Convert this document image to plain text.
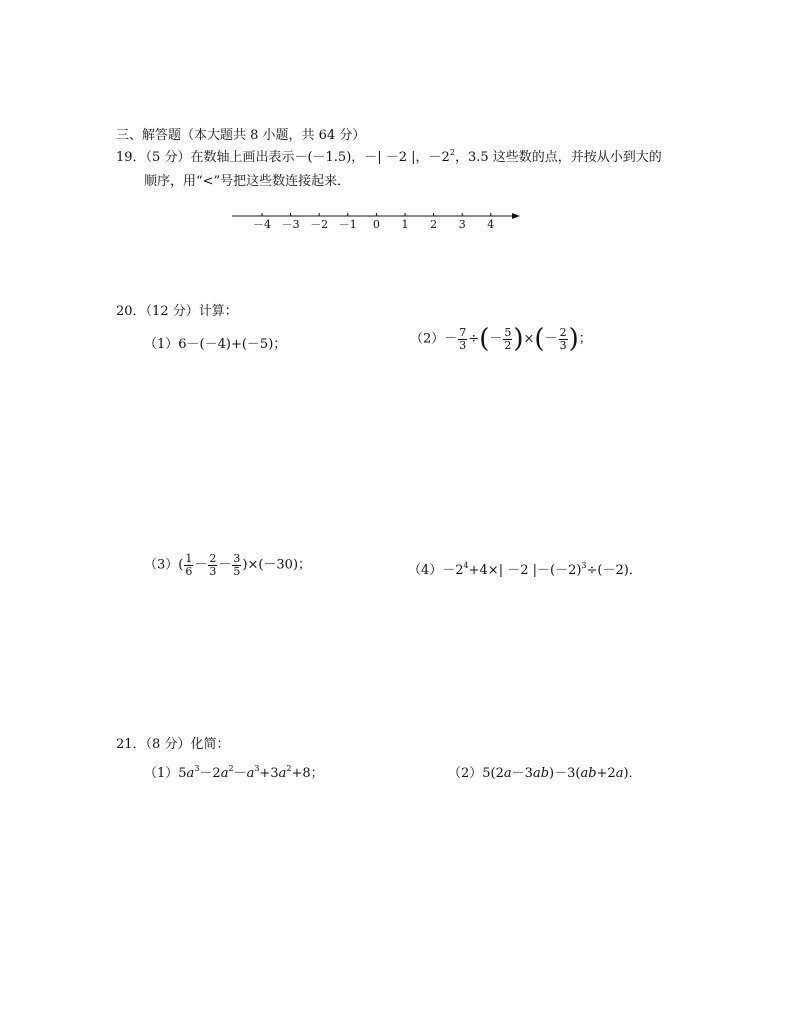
三、解答题（本大题共 8 小题，共 64 分）
19．（5 分）在数轴上画出表示－(－1.5)，－| －2 |，$-2^2$，3.5 这些数的点，并按从小到大的
顺序，用“<”号把这些数连接起来．
－4 －3 －2 －1 0 1 2 3 4
20．（12 分）计算：
（1）6－(－4)+(－5)；	$(2)- \frac{7}{3}$ ÷(－ $\frac{5}{2}$ )×(－ $\frac{2}{3}$ )；
$(3)( \frac{1}{6} - \frac{2}{3} - \frac{3}{5} )\times(-30)$；	$(4)-2^4+4\times| -2$ $|-(-2)^3\div(-2)$．
21．（8 分）化简：
$(1)5a^3-2a^2-a^3+3a^2+8$；	（2）5(2a－3ab)－3(ab+2a)．
